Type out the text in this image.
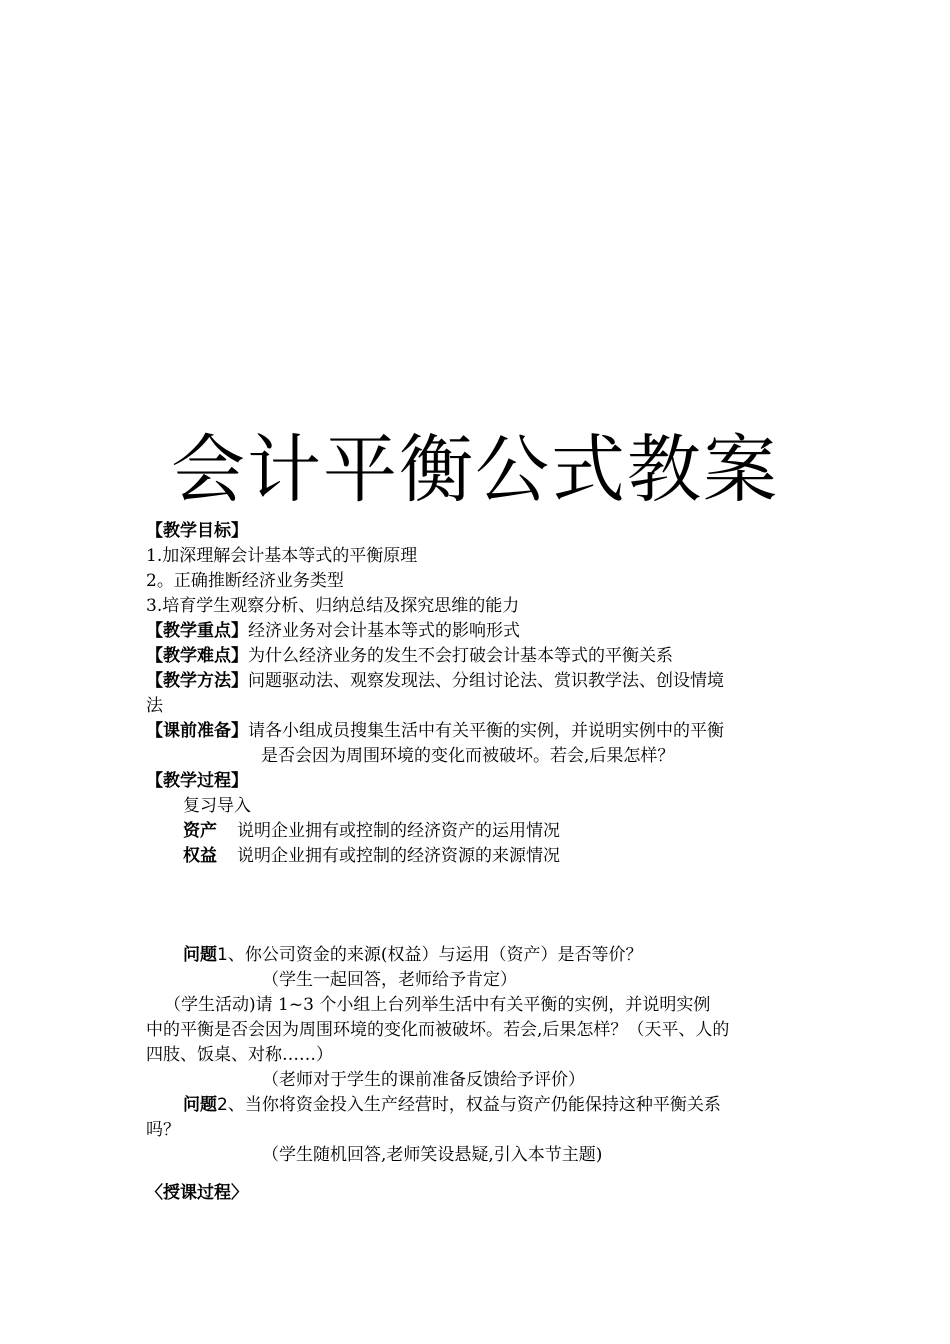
会计平衡公式教案
【教学目标】
1.加深理解会计基本等式的平衡原理
2。正确推断经济业务类型
3.培育学生观察分析、归纳总结及探究思维的能力
【教学重点】经济业务对会计基本等式的影响形式
【教学难点】为什么经济业务的发生不会打破会计基本等式的平衡关系
【教学方法】问题驱动法、观察发现法、分组讨论法、赏识教学法、创设情境
法
【课前准备】请各小组成员搜集生活中有关平衡的实例，并说明实例中的平衡
是否会因为周围环境的变化而被破坏。若会,后果怎样？
【教学过程】
复习导入
资产 说明企业拥有或控制的经济资产的运用情况
权益 说明企业拥有或控制的经济资源的来源情况
问题1、你公司资金的来源(权益）与运用（资产）是否等价？
（学生一起回答，老师给予肯定）
（学生活动)请 1~3 个小组上台列举生活中有关平衡的实例，并说明实例
中的平衡是否会因为周围环境的变化而被破坏。若会,后果怎样？（天平、人的
四肢、饭桌、对称……）
（老师对于学生的课前准备反馈给予评价）
问题2、当你将资金投入生产经营时，权益与资产仍能保持这种平衡关系
吗？
（学生随机回答,老师笑设悬疑,引入本节主题)
〈授课过程〉
